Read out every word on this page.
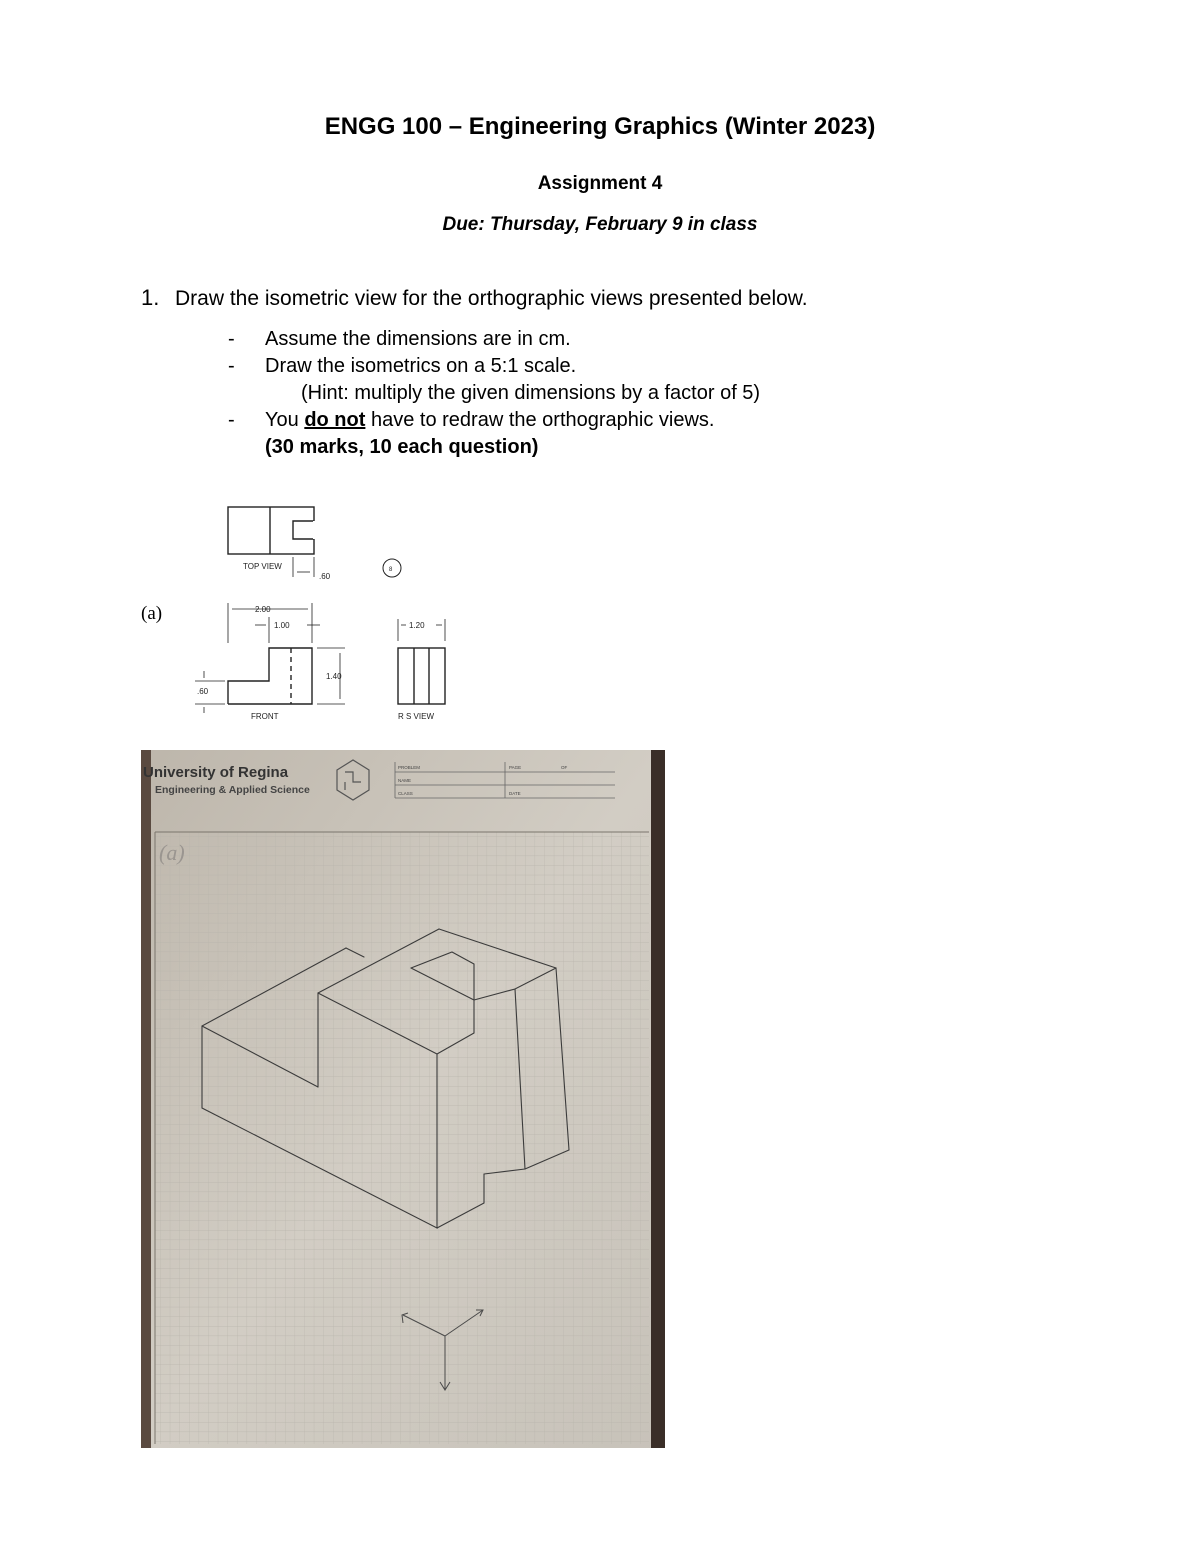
ENGG 100 – Engineering Graphics (Winter 2023)
Assignment 4
Due: Thursday, February 9 in class
1. Draw the isometric view for the orthographic views presented below.
- Assume the dimensions are in cm.
- Draw the isometrics on a 5:1 scale.
(Hint: multiply the given dimensions by a factor of 5)
- You do not have to redraw the orthographic views.
(30 marks, 10 each question)
(a)
TOP VIEW
.60
8
2.00
1.00
1.40
.60
FRONT
1.20
R S VIEW
University of Regina
Engineering & Applied Science
PROBLEM	PAGE	OF
NAME
CLASS	DATE
(a)
